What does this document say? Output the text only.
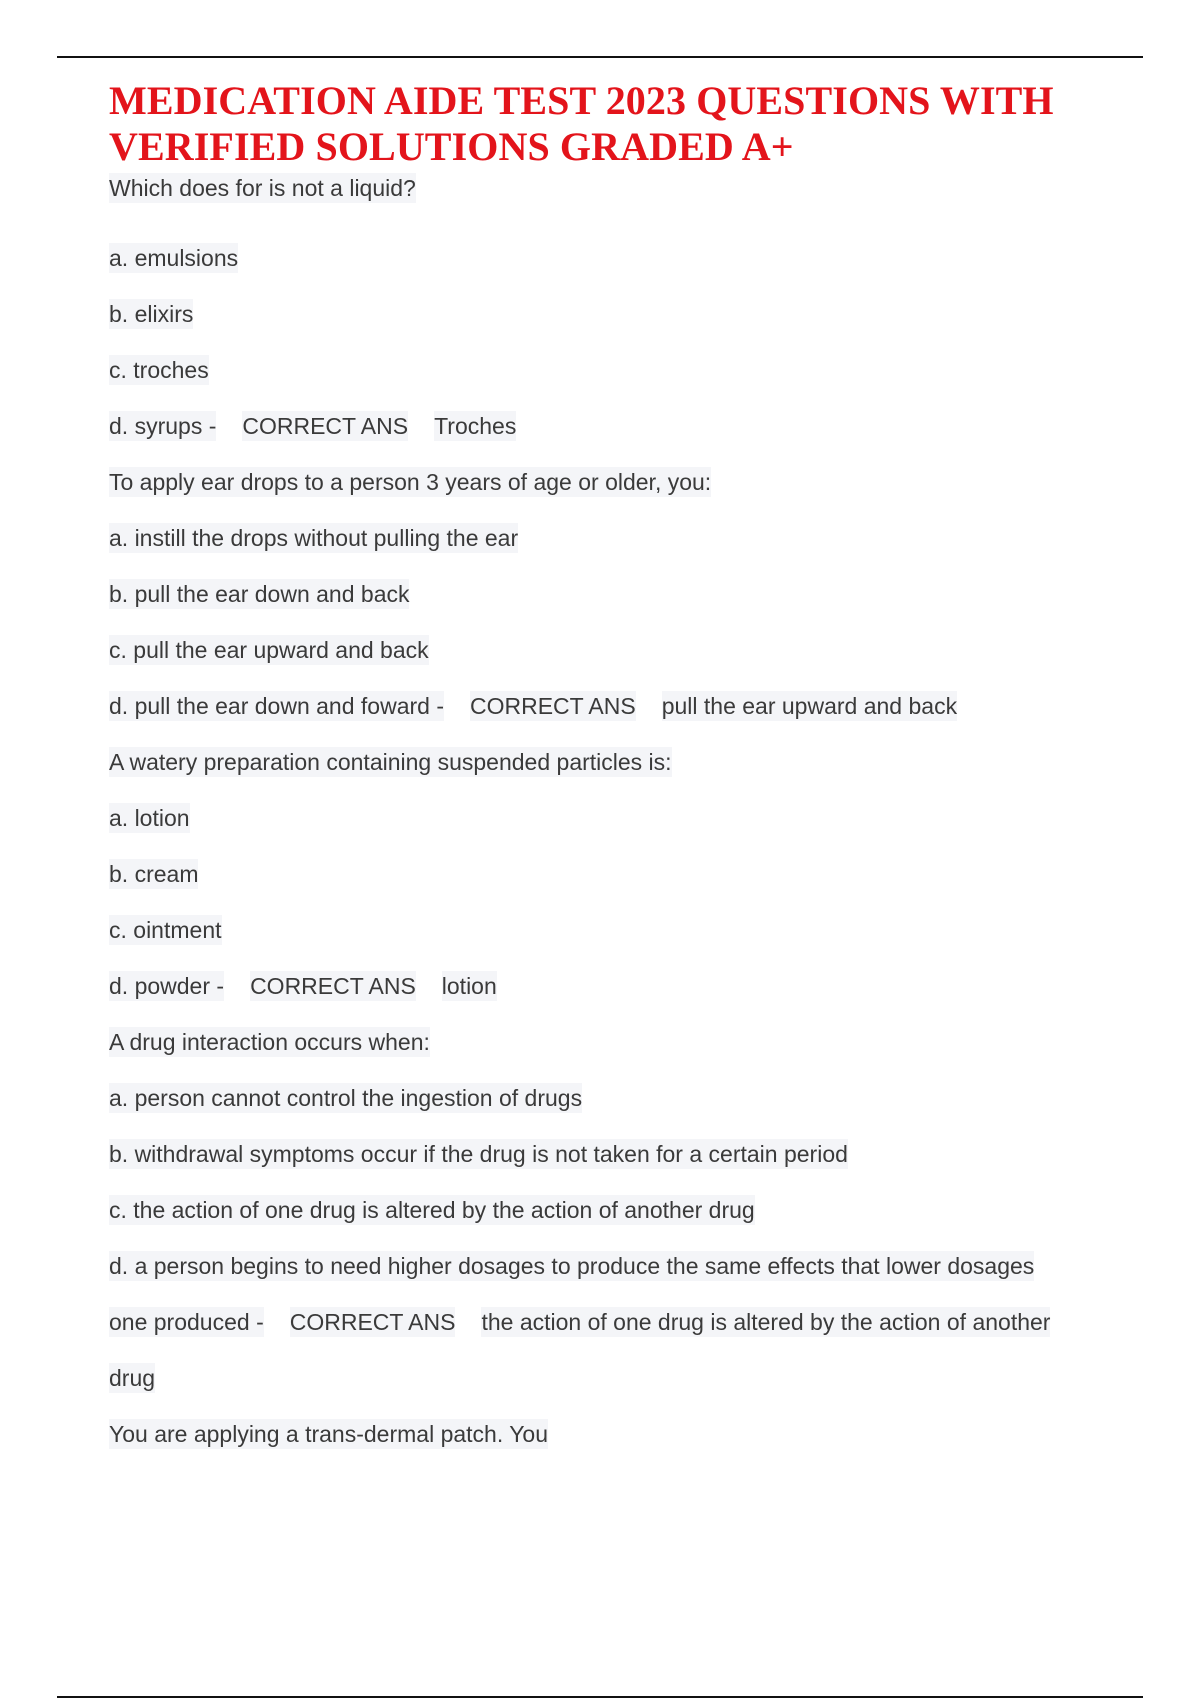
MEDICATION AIDE TEST 2023 QUESTIONS WITH
VERIFIED SOLUTIONS GRADED A+
Which does for is not a liquid?
a. emulsions
b. elixirs
c. troches
d. syrups - CORRECT ANS Troches
To apply ear drops to a person 3 years of age or older, you:
a. instill the drops without pulling the ear
b. pull the ear down and back
c. pull the ear upward and back
d. pull the ear down and foward - CORRECT ANS pull the ear upward and back
A watery preparation containing suspended particles is:
a. lotion
b. cream
c. ointment
d. powder - CORRECT ANS lotion
A drug interaction occurs when:
a. person cannot control the ingestion of drugs
b. withdrawal symptoms occur if the drug is not taken for a certain period
c. the action of one drug is altered by the action of another drug
d. a person begins to need higher dosages to produce the same effects that lower dosages
one produced - CORRECT ANS the action of one drug is altered by the action of another
drug
You are applying a trans-dermal patch. You
